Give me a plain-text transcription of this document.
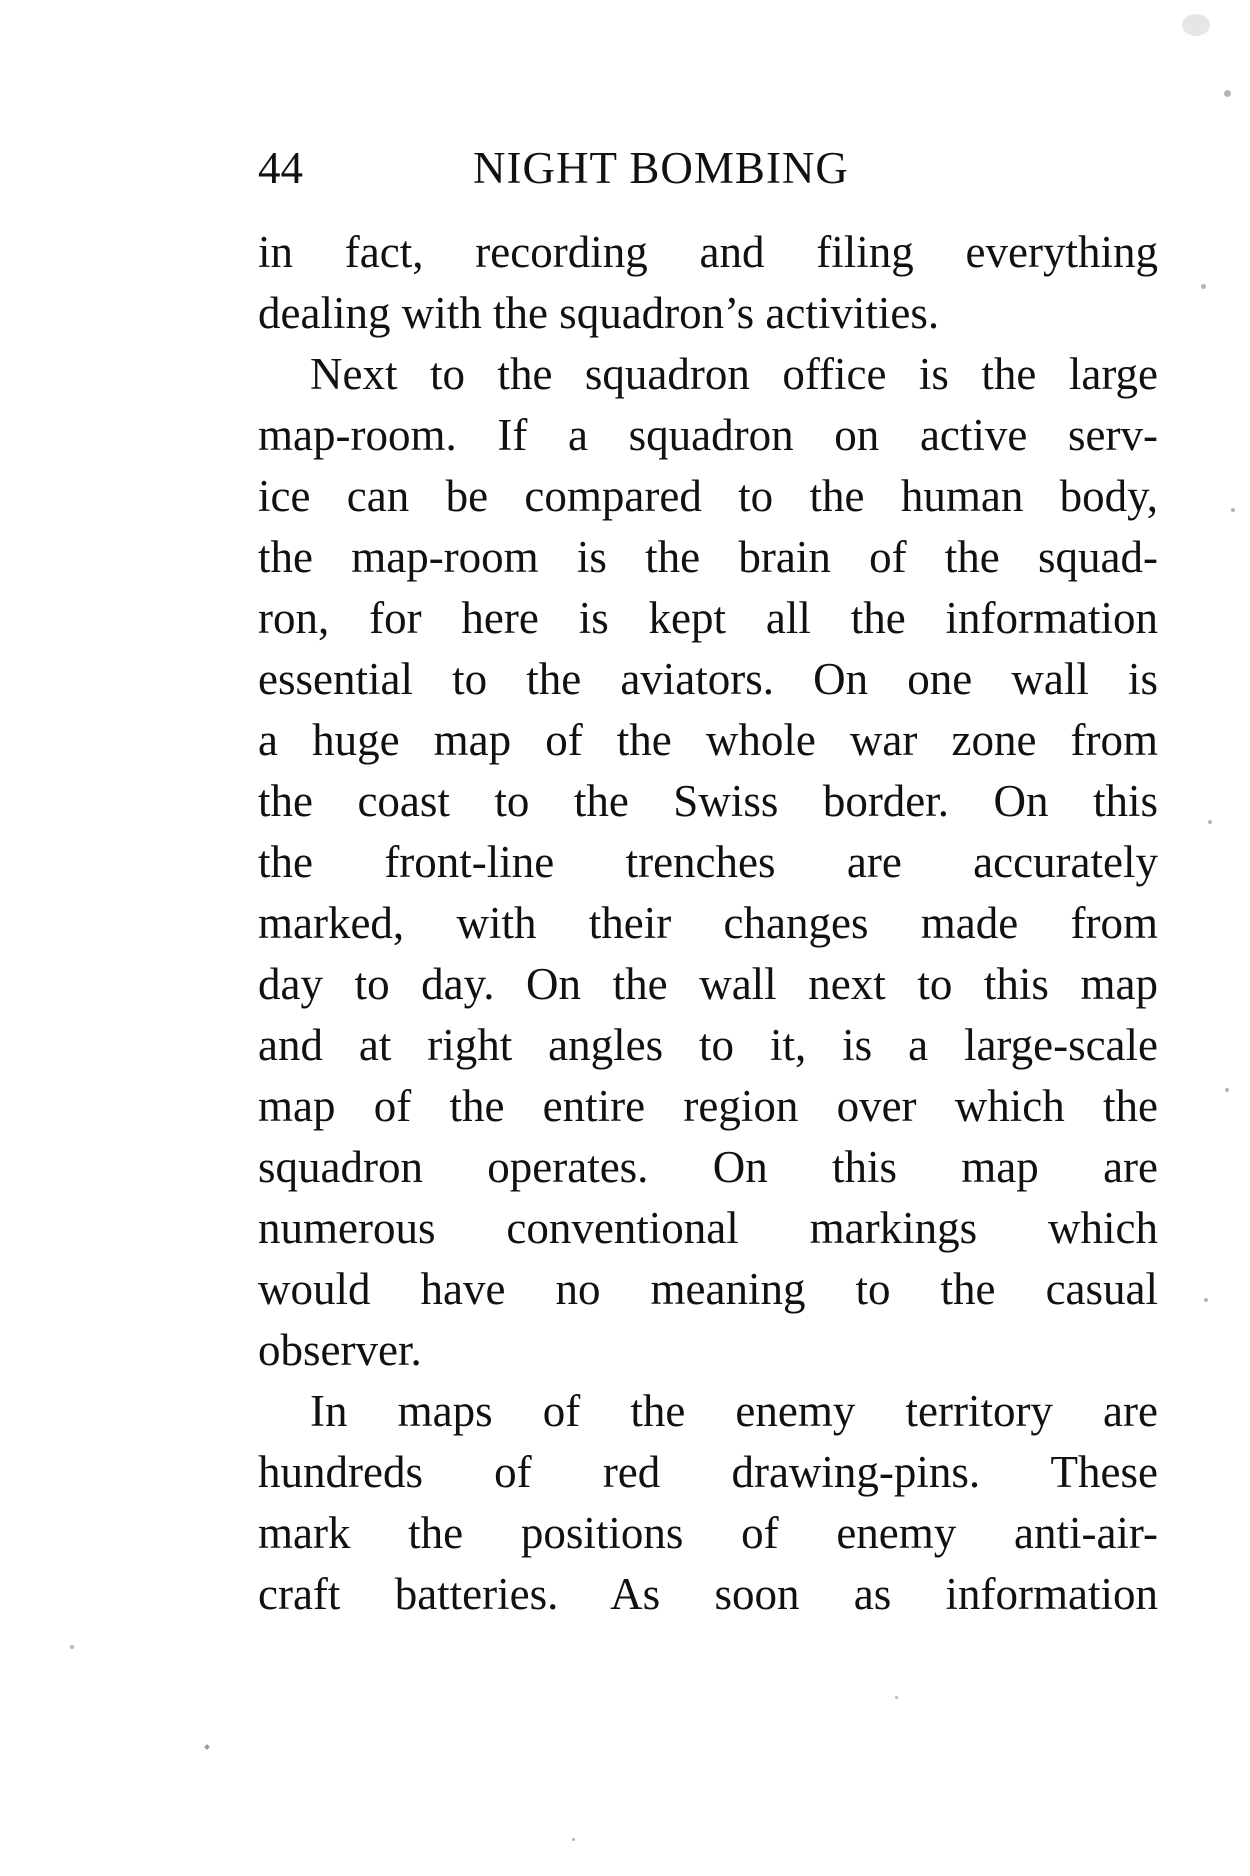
44	NIGHT BOMBING
in fact, recording and filing everything
dealing with the squadron’s activities.
Next to the squadron office is the large
map-room. If a squadron on active serv-
ice can be compared to the human body,
the map-room is the brain of the squad-
ron, for here is kept all the information
essential to the aviators. On one wall is
a huge map of the whole war zone from
the coast to the Swiss border. On this
the front-line trenches are accurately
marked, with their changes made from
day to day. On the wall next to this map
and at right angles to it, is a large-scale
map of the entire region over which the
squadron operates. On this map are
numerous conventional markings which
would have no meaning to the casual
observer.
In maps of the enemy territory are
hundreds of red drawing-pins. These
mark the positions of enemy anti-air-
craft batteries. As soon as information
